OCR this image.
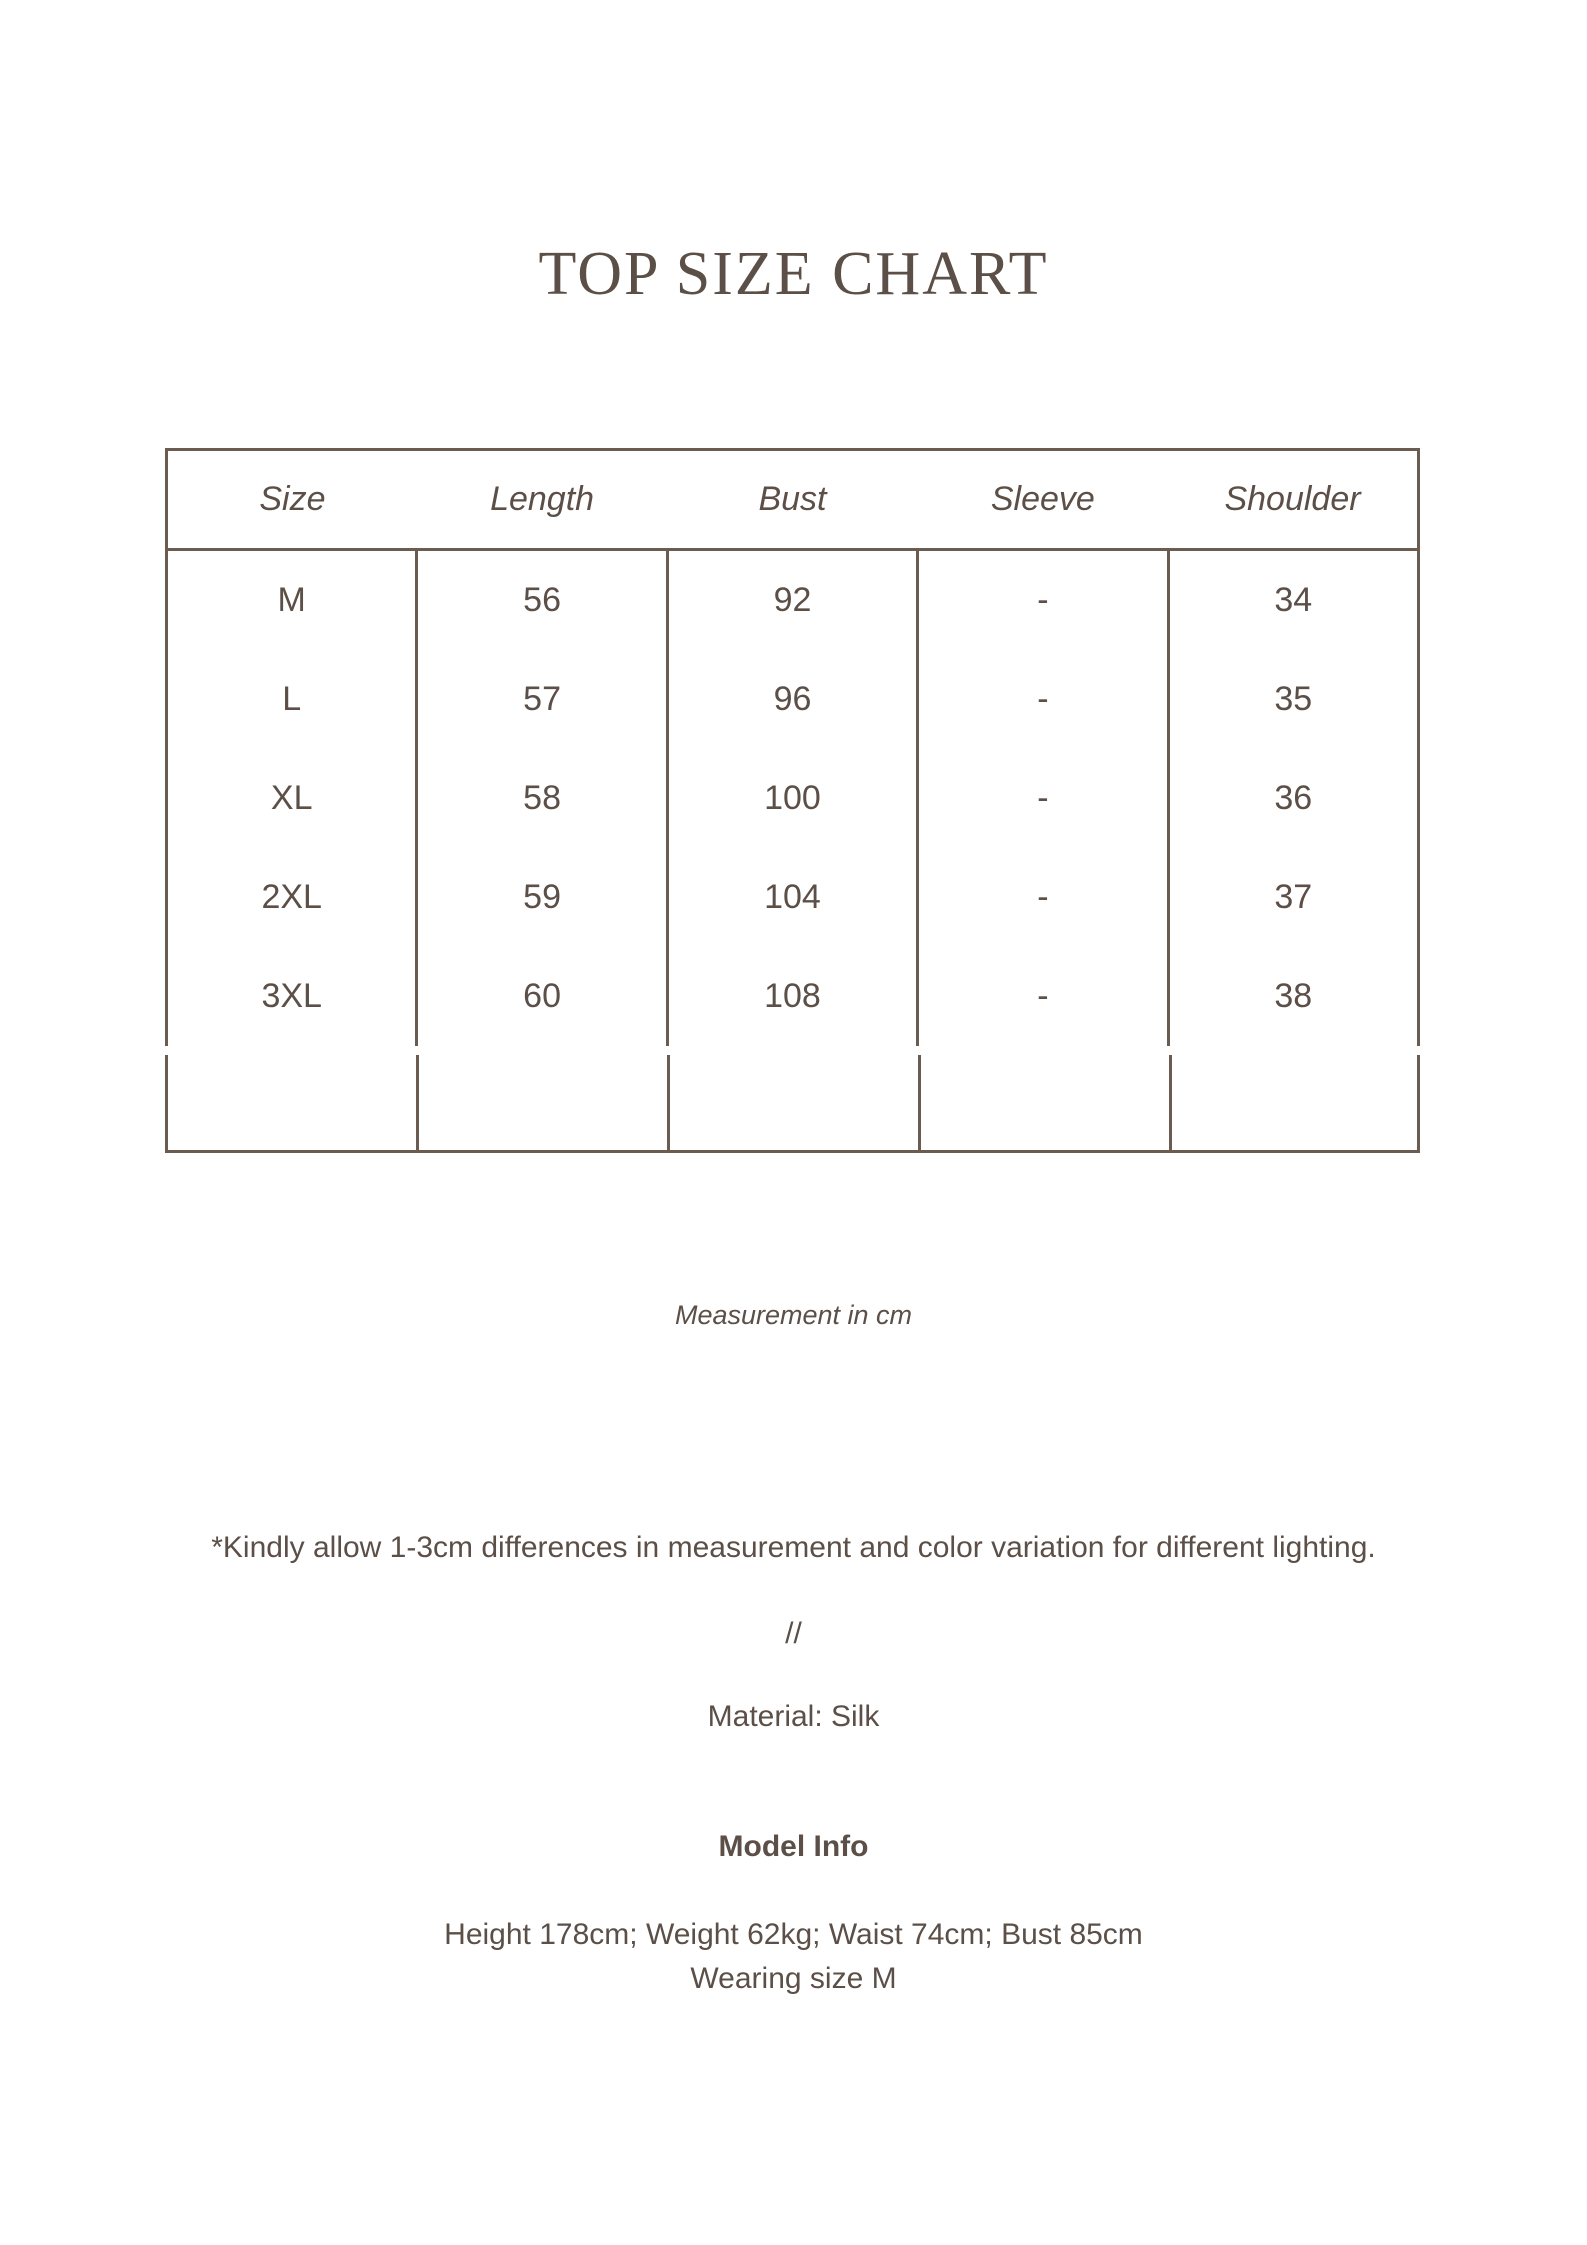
TOP SIZE CHART
Size	Length	Bust	Sleeve	Shoulder
M	56	92	-	34
L	57	96	-	35
XL	58	100	-	36
2XL	59	104	-	37
3XL	60	108	-	38
Measurement in cm
*Kindly allow 1-3cm differences in measurement and color variation for different lighting.
//
Material: Silk
Model Info
Height 178cm; Weight 62kg; Waist 74cm; Bust 85cm
Wearing size M
